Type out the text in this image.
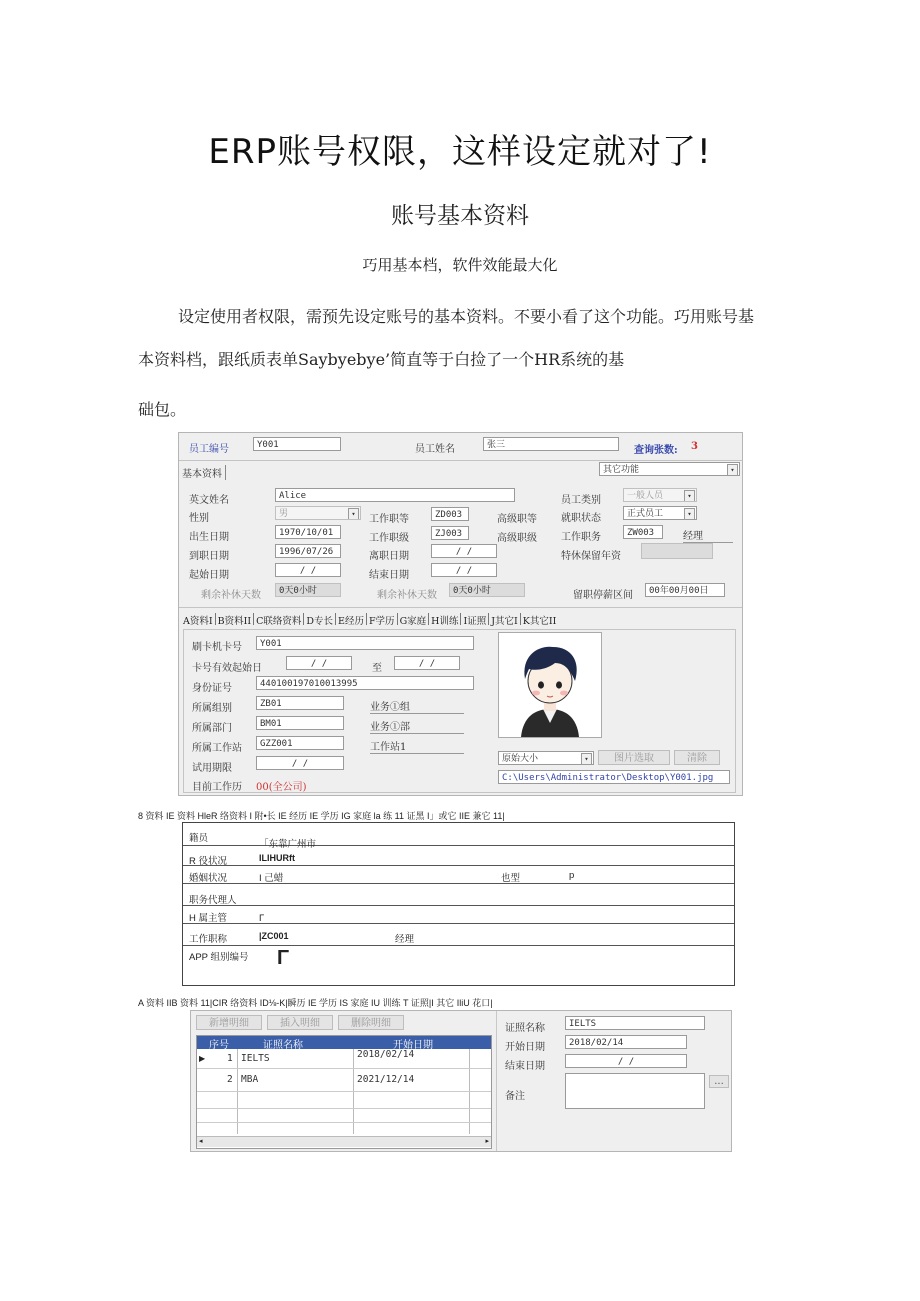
ERP账号权限，这样设定就对了!
账号基本资料
巧用基本档，软件效能最大化
设定使用者权限，需预先设定账号的基本资料。不要小看了这个功能。巧用账号基
本资料档，跟纸质表单Saybyebye’简直等于白捡了一个HR系统的基
础包。
员工编号	Y001	员工姓名	张三	查询张数: 3
基本资料	其它功能	▾
英文姓名	Alice
性别	男	▾
出生日期	1970/10/01
到职日期	1996/07/26
起始日期	/ /
剩余补休天数	0天0小时
工作职等	ZD003	高级职等
工作职级	ZJ003	高级职级
离职日期	/ /
结束日期	/ /
剩余补休天数	0天0小时
员工类别	一般人员	▾
就职状态	正式员工	▾
工作职务	ZW003	经理
特休保留年资
留职停薪区间	00年00月00日
A资料I B资料II C联络资料 D专长 E经历 F学历 G家庭 H训练 I证照 J其它I K其它II
刷卡机卡号	Y001
卡号有效起始日	/ /	至	/ /
身份证号	440100197010013995
所属组别	ZB01	业务①组
所属部门	BM01	业务①部
所属工作站	GZZ001	工作站1
试用期限	/ /
目前工作历 00(全公司)
原始大小	▾	图片选取	清除
C:\Users\Administrator\Desktop\Y001.jpg
8 资料 IE 资料 HleR 络资料 I 附•长 IE 经历 IE 学历 IG 家庭 la 练 11 证黑 I」或它 IIE 兼它 11|
籍员
「东靠广州市
R 役状况	ILIHURft
婚姻状况	I 己蜡	也型	p
职务代理人
H 属主管	Γ
工作职称	|ZC001	经理
APP 组别编号 Γ
A 资料 IIB 资料 11|CIR 络资料 ID⅛-K|瞬历 IE 学历 IS 家庭 IU 训练 T 证照|I 其它 IliU 花口|
新增明细	插入明细	删除明细
序号	证照名称	开始日期
▶ 1 IELTS	2018/02/14
2 MBA	2021/12/14
◂	▸
证照名称	IELTS
开始日期	2018/02/14
结束日期	/ /
备注
...
